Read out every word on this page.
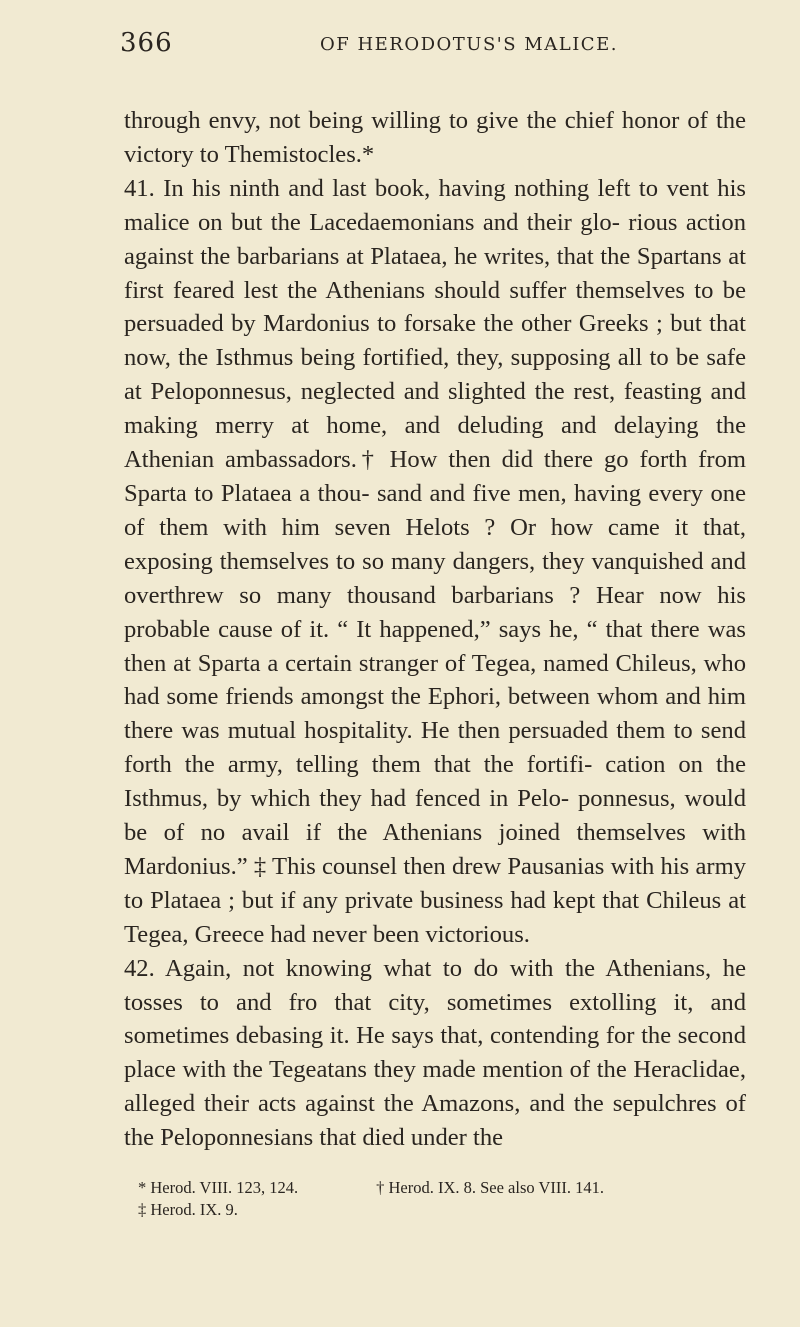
366	OF HERODOTUS'S MALICE.

through envy, not being willing to give the chief honor of the victory to Themistocles.*

41. In his ninth and last book, having nothing left to vent his malice on but the Lacedaemonians and their glo- rious action against the barbarians at Plataea, he writes, that the Spartans at first feared lest the Athenians should suffer themselves to be persuaded by Mardonius to forsake the other Greeks ; but that now, the Isthmus being fortified, they, supposing all to be safe at Peloponnesus, neglected and slighted the rest, feasting and making merry at home, and deluding and delaying the Athenian ambassadors.† How then did there go forth from Sparta to Plataea a thou- sand and five men, having every one of them with him seven Helots ? Or how came it that, exposing themselves to so many dangers, they vanquished and overthrew so many thousand barbarians ? Hear now his probable cause of it. “ It happened,” says he, “ that there was then at Sparta a certain stranger of Tegea, named Chileus, who had some friends amongst the Ephori, between whom and him there was mutual hospitality. He then persuaded them to send forth the army, telling them that the fortifi- cation on the Isthmus, by which they had fenced in Pelo- ponnesus, would be of no avail if the Athenians joined themselves with Mardonius.” ‡ This counsel then drew Pausanias with his army to Plataea ; but if any private business had kept that Chileus at Tegea, Greece had never been victorious.

42. Again, not knowing what to do with the Athenians, he tosses to and fro that city, sometimes extolling it, and sometimes debasing it. He says that, contending for the second place with the Tegeatans they made mention of the Heraclidae, alleged their acts against the Amazons, and the sepulchres of the Peloponnesians that died under the

* Herod. VIII. 123, 124.	† Herod. IX. 8. See also VIII. 141.
‡ Herod. IX. 9.
